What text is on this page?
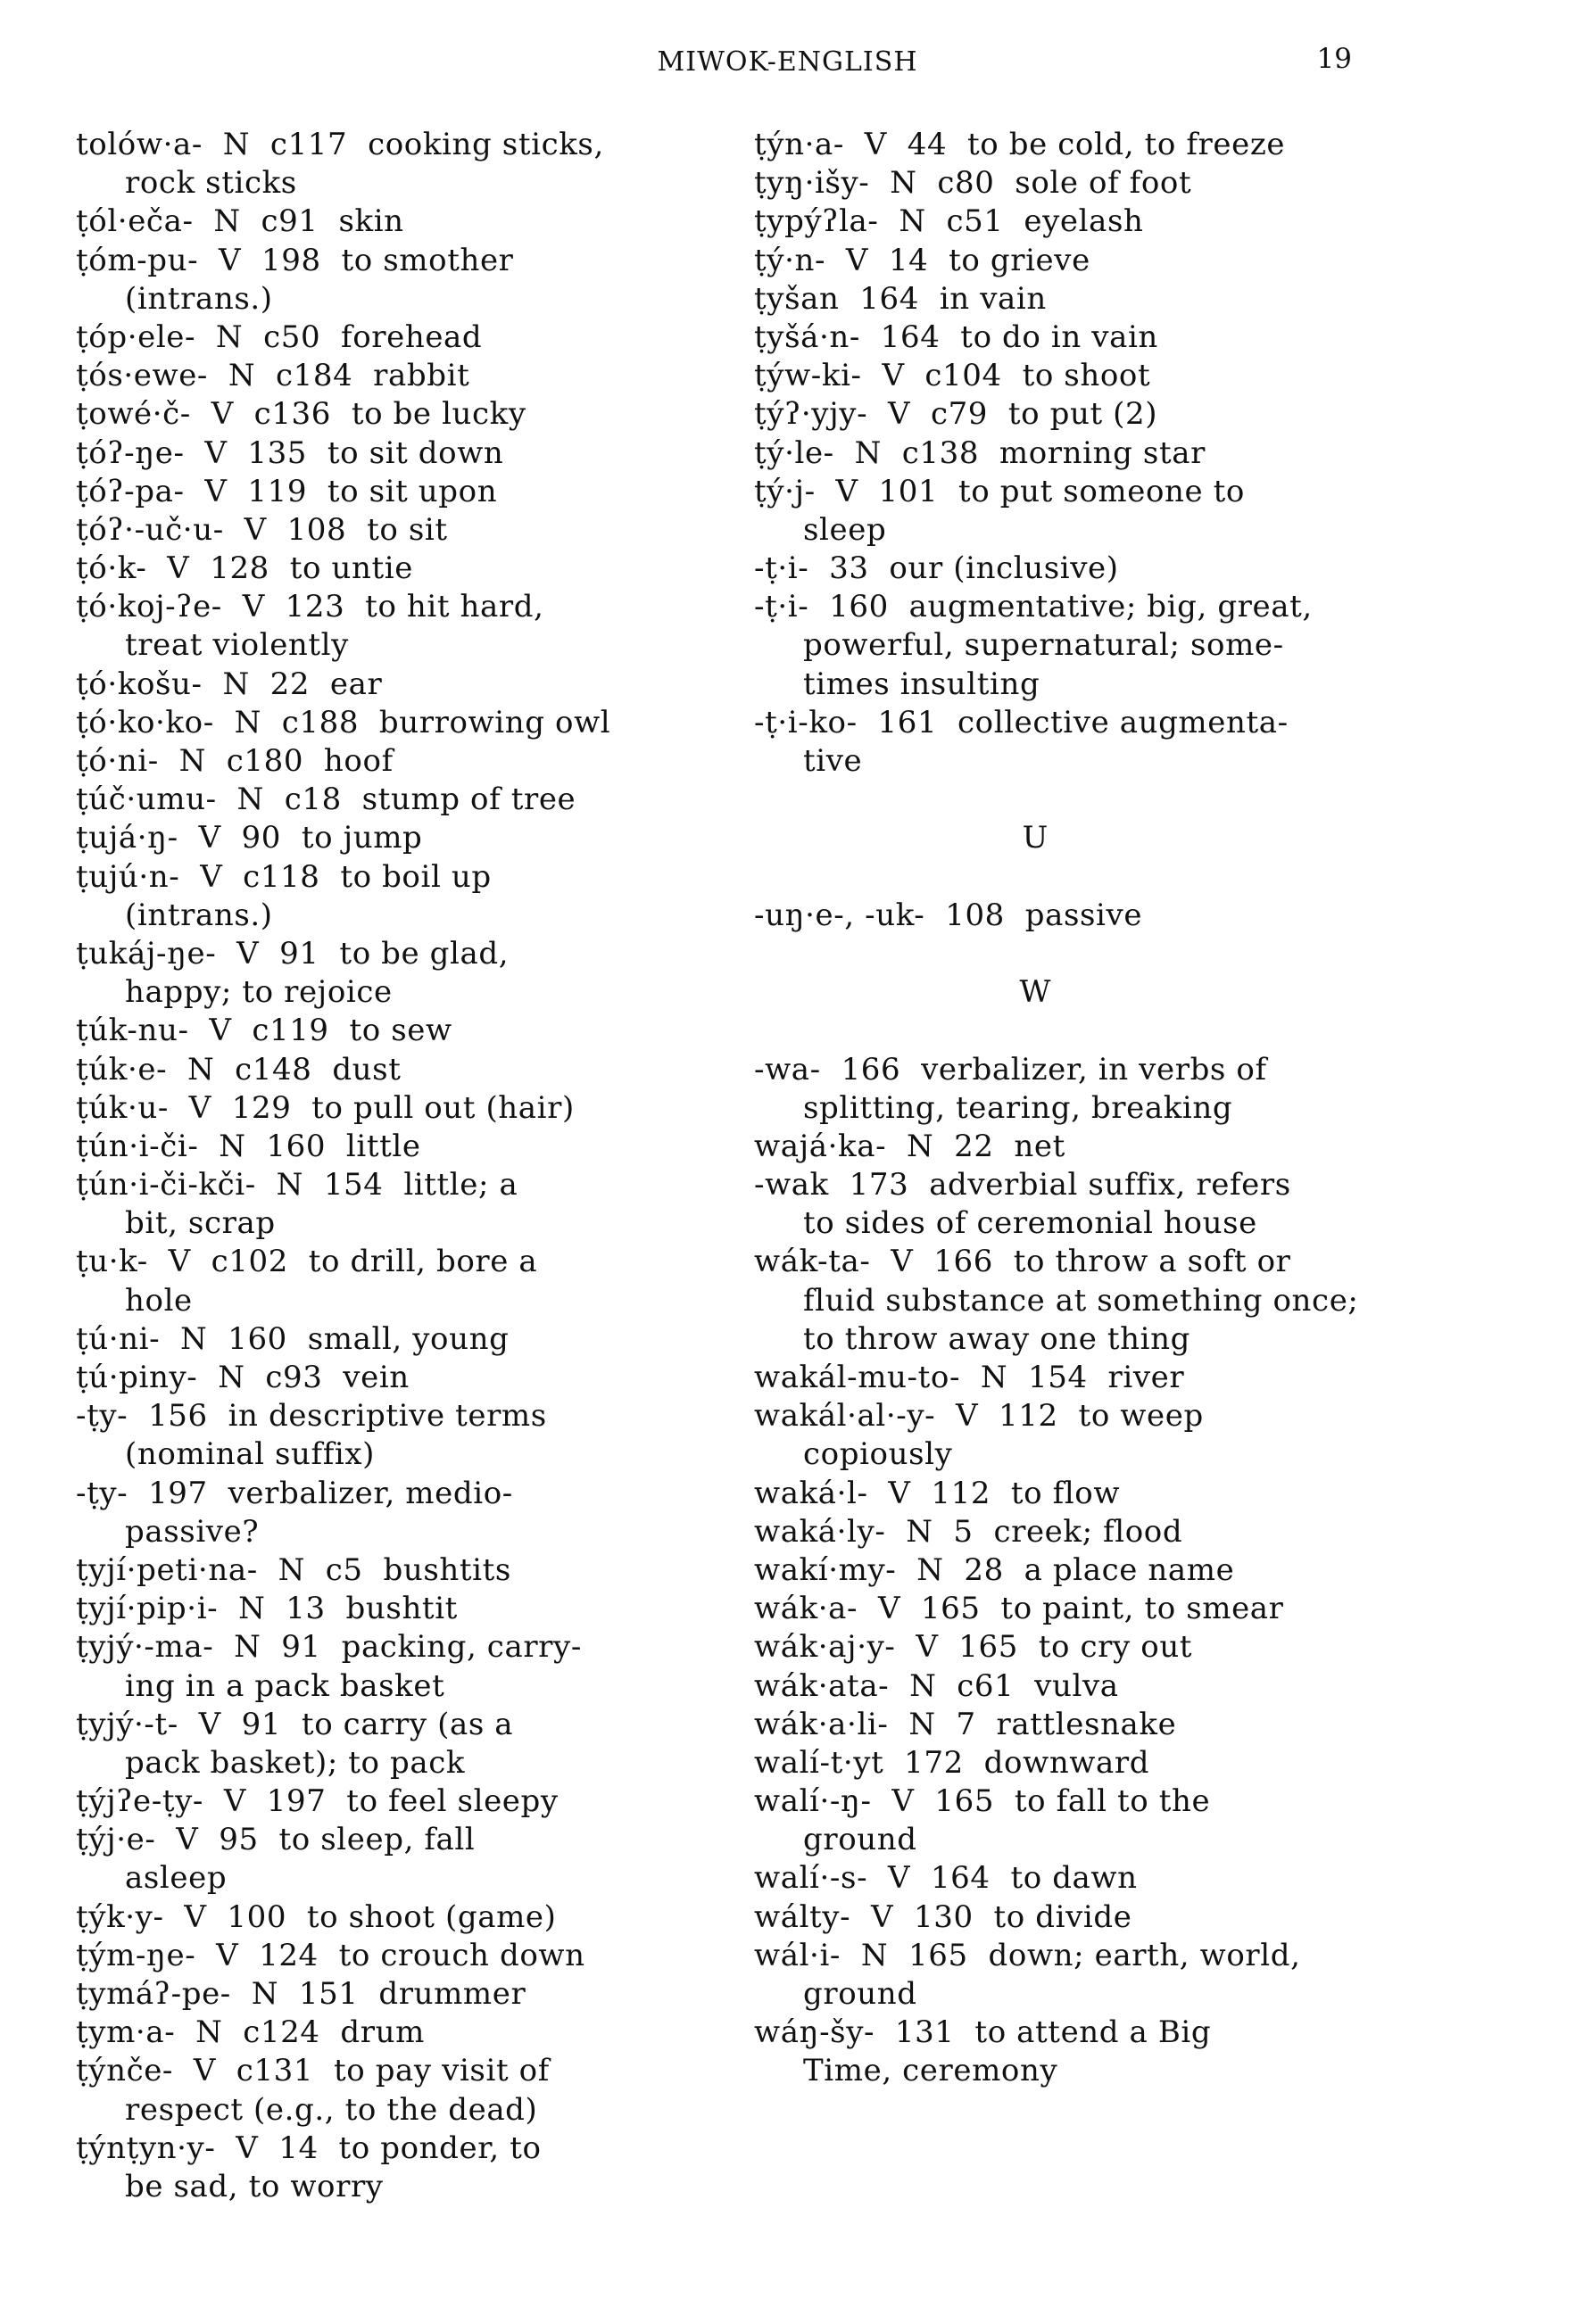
MIWOK-ENGLISH	19
tolów·a-  N  c117  cooking sticks,
rock sticks
ṭól·eča-  N  c91  skin
ṭóm-pu-  V  198  to smother
(intrans.)
ṭóp·ele-  N  c50  forehead
ṭós·ewe-  N  c184  rabbit
ṭowé·č-  V  c136  to be lucky
ṭóʔ-ŋe-  V  135  to sit down
ṭóʔ-pa-  V  119  to sit upon
ṭóʔ·-uč·u-  V  108  to sit
ṭó·k-  V  128  to untie
ṭó·koj-ʔe-  V  123  to hit hard,
treat violently
ṭó·košu-  N  22  ear
ṭó·ko·ko-  N  c188  burrowing owl
ṭó·ni-  N  c180  hoof
ṭúč·umu-  N  c18  stump of tree
ṭujá·ŋ-  V  90  to jump
ṭujú·n-  V  c118  to boil up
(intrans.)
ṭukáj-ŋe-  V  91  to be glad,
happy; to rejoice
ṭúk-nu-  V  c119  to sew
ṭúk·e-  N  c148  dust
ṭúk·u-  V  129  to pull out (hair)
ṭún·i-či-  N  160  little
ṭún·i-či-kči-  N  154  little; a
bit, scrap
ṭu·k-  V  c102  to drill, bore a
hole
ṭú·ni-  N  160  small, young
ṭú·piny-  N  c93  vein
-ṭy-  156  in descriptive terms
(nominal suffix)
-ṭy-  197  verbalizer, medio-
passive?
ṭyjí·peti·na-  N  c5  bushtits
ṭyjí·pip·i-  N  13  bushtit
ṭyjý·-ma-  N  91  packing, carry-
ing in a pack basket
ṭyjý·-t-  V  91  to carry (as a
pack basket); to pack
ṭýjʔe-ṭy-  V  197  to feel sleepy
ṭýj·e-  V  95  to sleep, fall
asleep
ṭýk·y-  V  100  to shoot (game)
ṭým-ŋe-  V  124  to crouch down
ṭymáʔ-pe-  N  151  drummer
ṭym·a-  N  c124  drum
ṭýnče-  V  c131  to pay visit of
respect (e.g., to the dead)
ṭýnṭyn·y-  V  14  to ponder, to
be sad, to worry
ṭýn·a-  V  44  to be cold, to freeze
ṭyŋ·išy-  N  c80  sole of foot
ṭypýʔla-  N  c51  eyelash
ṭý·n-  V  14  to grieve
ṭyšan  164  in vain
ṭyšá·n-  164  to do in vain
ṭýw-ki-  V  c104  to shoot
ṭýʔ·yjy-  V  c79  to put (2)
ṭý·le-  N  c138  morning star
ṭý·j-  V  101  to put someone to
sleep
-ṭ·i-  33  our (inclusive)
-ṭ·i-  160  augmentative; big, great,
powerful, supernatural; some-
times insulting
-ṭ·i-ko-  161  collective augmenta-
tive
U
-uŋ·e-, -uk-  108  passive
W
-wa-  166  verbalizer, in verbs of
splitting, tearing, breaking
wajá·ka-  N  22  net
-wak  173  adverbial suffix, refers
to sides of ceremonial house
wák-ta-  V  166  to throw a soft or
fluid substance at something once;
to throw away one thing
wakál-mu-to-  N  154  river
wakál·al·-y-  V  112  to weep
copiously
waká·l-  V  112  to flow
waká·ly-  N  5  creek; flood
wakí·my-  N  28  a place name
wák·a-  V  165  to paint, to smear
wák·aj·y-  V  165  to cry out
wák·ata-  N  c61  vulva
wák·a·li-  N  7  rattlesnake
walí-t·yt  172  downward
walí·-ŋ-  V  165  to fall to the
ground
walí·-s-  V  164  to dawn
wálty-  V  130  to divide
wál·i-  N  165  down; earth, world,
ground
wáŋ-šy-  131  to attend a Big
Time, ceremony
